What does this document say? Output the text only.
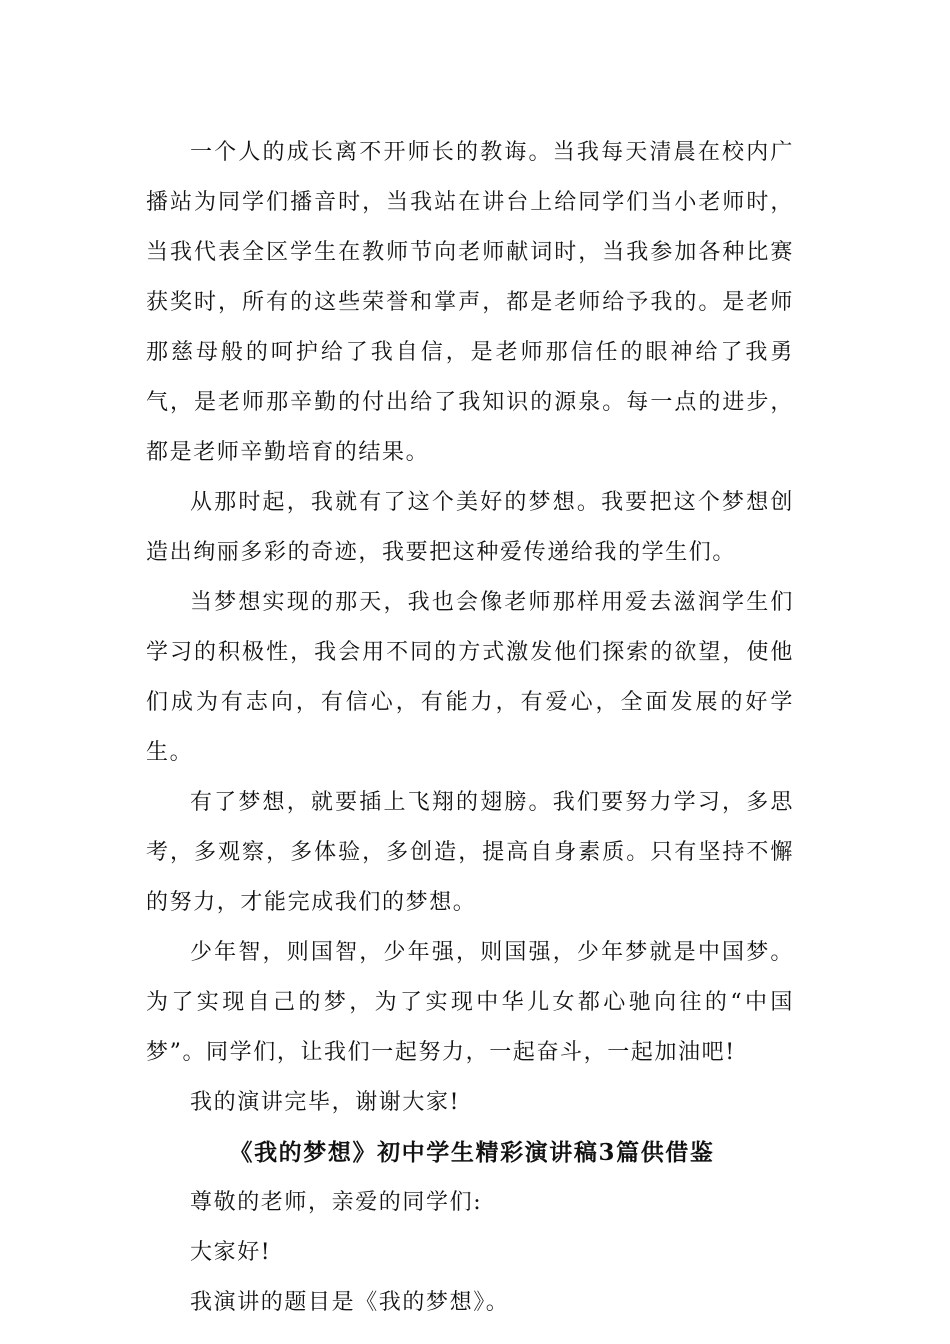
一个人的成长离不开师长的教诲。当我每天清晨在校内广播站为同学们播音时，当我站在讲台上给同学们当小老师时，当我代表全区学生在教师节向老师献词时，当我参加各种比赛获奖时，所有的这些荣誉和掌声，都是老师给予我的。是老师那慈母般的呵护给了我自信，是老师那信任的眼神给了我勇气，是老师那辛勤的付出给了我知识的源泉。每一点的进步，都是老师辛勤培育的结果。

从那时起，我就有了这个美好的梦想。我要把这个梦想创造出绚丽多彩的奇迹，我要把这种爱传递给我的学生们。

当梦想实现的那天，我也会像老师那样用爱去滋润学生们学习的积极性，我会用不同的方式激发他们探索的欲望，使他们成为有志向，有信心，有能力，有爱心，全面发展的好学生。

有了梦想，就要插上飞翔的翅膀。我们要努力学习，多思考，多观察，多体验，多创造，提高自身素质。只有坚持不懈的努力，才能完成我们的梦想。

少年智，则国智，少年强，则国强，少年梦就是中国梦。为了实现自己的梦，为了实现中华儿女都心驰向往的“中国梦”。同学们，让我们一起努力，一起奋斗，一起加油吧!

我的演讲完毕，谢谢大家!

《我的梦想》初中学生精彩演讲稿3篇供借鉴

尊敬的老师，亲爱的同学们:

大家好!

我演讲的题目是《我的梦想》。
